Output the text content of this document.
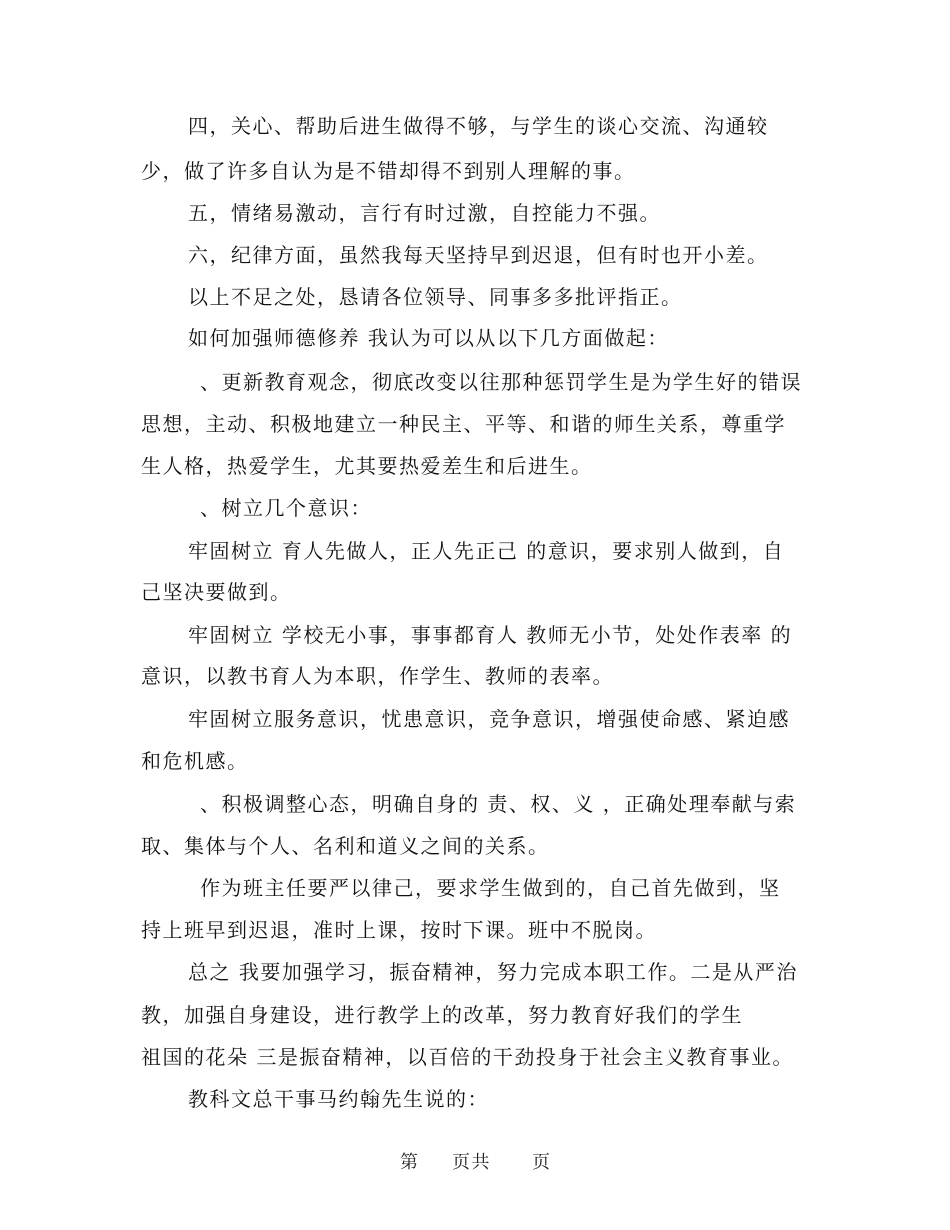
四，关心、帮助后进生做得不够，与学生的谈心交流、沟通较
少，做了许多自认为是不错却得不到别人理解的事。
五，情绪易激动，言行有时过激，自控能力不强。
六，纪律方面，虽然我每天坚持早到迟退，但有时也开小差。
以上不足之处，恳请各位领导、同事多多批评指正。
如何加强师德修养 我认为可以从以下几方面做起：
、更新教育观念，彻底改变以往那种惩罚学生是为学生好的错误
思想，主动、积极地建立一种民主、平等、和谐的师生关系，尊重学
生人格，热爱学生，尤其要热爱差生和后进生。
、树立几个意识：
牢固树立 育人先做人，正人先正己 的意识，要求别人做到，自
己坚决要做到。
牢固树立 学校无小事，事事都育人 教师无小节，处处作表率 的
意识，以教书育人为本职，作学生、教师的表率。
牢固树立服务意识，忧患意识，竞争意识，增强使命感、紧迫感
和危机感。
、积极调整心态，明确自身的 责、权、义 ，正确处理奉献与索
取、集体与个人、名利和道义之间的关系。
作为班主任要严以律己，要求学生做到的，自己首先做到，坚
持上班早到迟退，准时上课，按时下课。班中不脱岗。
总之 我要加强学习，振奋精神，努力完成本职工作。二是从严治
教，加强自身建设，进行教学上的改革，努力教育好我们的学生
祖国的花朵 三是振奋精神，以百倍的干劲投身于社会主义教育事业。
教科文总干事马约翰先生说的：
第 页共 页
